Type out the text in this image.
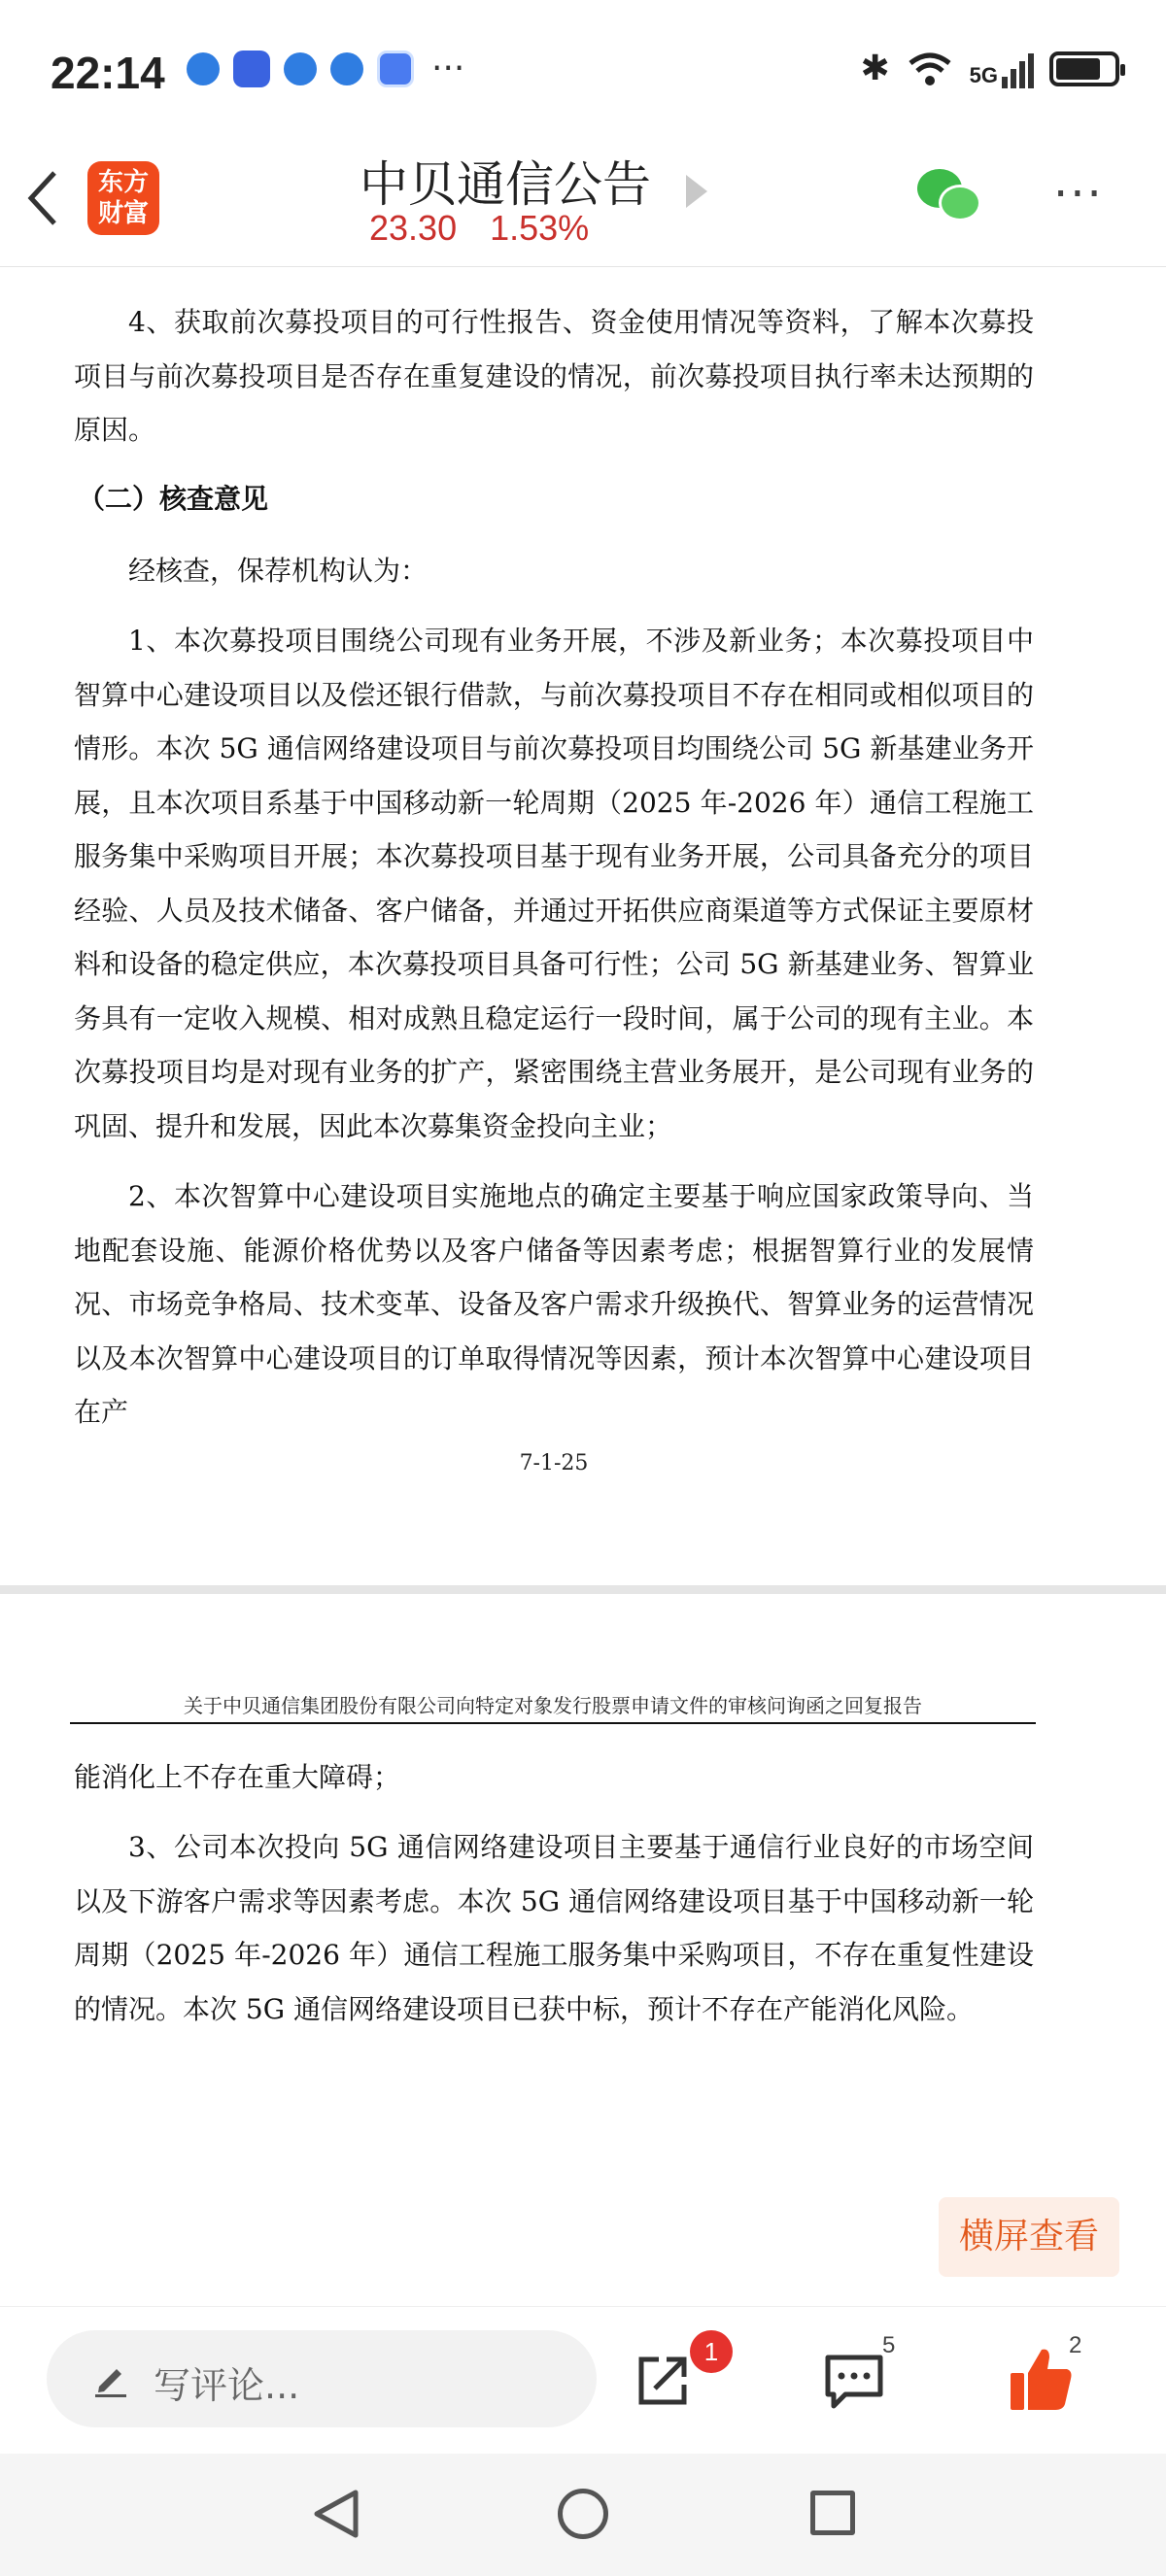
22:14	···	✱	5G
东方财富
中贝通信公告
23.30 1.53%
···

4、获取前次募投项目的可行性报告、资金使用情况等资料，了解本次募投项目与前次募投项目是否存在重复建设的情况，前次募投项目执行率未达预期的原因。

（二）核查意见

经核查，保荐机构认为：

1、本次募投项目围绕公司现有业务开展，不涉及新业务；本次募投项目中智算中心建设项目以及偿还银行借款，与前次募投项目不存在相同或相似项目的情形。本次 5G 通信网络建设项目与前次募投项目均围绕公司 5G 新基建业务开展，且本次项目系基于中国移动新一轮周期（2025 年-2026 年）通信工程施工服务集中采购项目开展；本次募投项目基于现有业务开展，公司具备充分的项目经验、人员及技术储备、客户储备，并通过开拓供应商渠道等方式保证主要原材料和设备的稳定供应，本次募投项目具备可行性；公司 5G 新基建业务、智算业务具有一定收入规模、相对成熟且稳定运行一段时间，属于公司的现有主业。本次募投项目均是对现有业务的扩产，紧密围绕主营业务展开，是公司现有业务的巩固、提升和发展，因此本次募集资金投向主业；

2、本次智算中心建设项目实施地点的确定主要基于响应国家政策导向、当地配套设施、能源价格优势以及客户储备等因素考虑；根据智算行业的发展情况、市场竞争格局、技术变革、设备及客户需求升级换代、智算业务的运营情况以及本次智算中心建设项目的订单取得情况等因素，预计本次智算中心建设项目在产

7-1-25
关于中贝通信集团股份有限公司向特定对象发行股票申请文件的审核问询函之回复报告

能消化上不存在重大障碍；

3、公司本次投向 5G 通信网络建设项目主要基于通信行业良好的市场空间以及下游客户需求等因素考虑。本次 5G 通信网络建设项目基于中国移动新一轮周期（2025 年-2026 年）通信工程施工服务集中采购项目，不存在重复性建设的情况。本次 5G 通信网络建设项目已获中标，预计不存在产能消化风险。

横屏查看
写评论...
1	5	2
